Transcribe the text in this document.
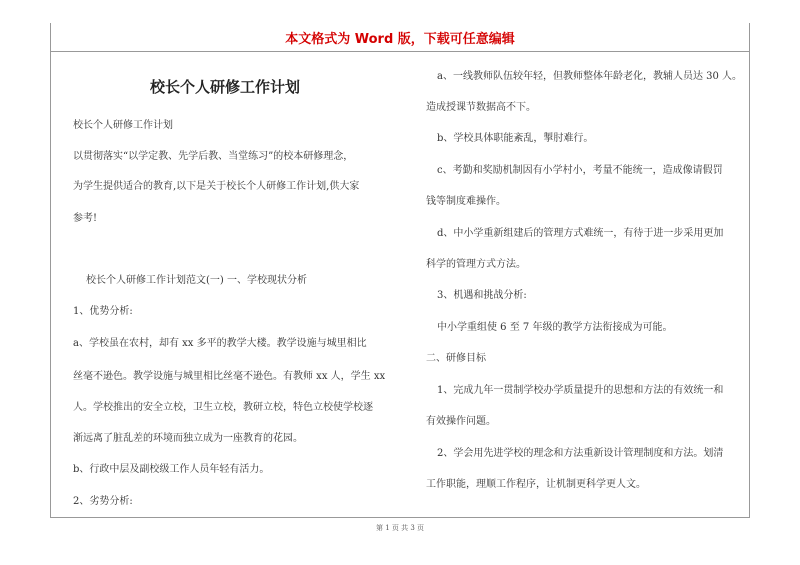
本文格式为 Word 版，下载可任意编辑
校长个人研修工作计划
校长个人研修工作计划
以贯彻落实“以学定教、先学后教、当堂练习”的校本研修理念，
为学生提供适合的教育,以下是关于校长个人研修工作计划,供大家
参考!
校长个人研修工作计划范文(一) 一、学校现状分析
1、优势分析:
a、学校虽在农村，却有 xx 多平的教学大楼。教学设施与城里相比
丝毫不逊色。教学设施与城里相比丝毫不逊色。有教师 xx 人，学生 xx
人。学校推出的安全立校，卫生立校，教研立校，特色立校使学校逐
渐远离了脏乱差的环境而独立成为一座教育的花园。
b、行政中层及副校级工作人员年轻有活力。
2、劣势分析:
a、一线教师队伍较年轻，但教师整体年龄老化，教辅人员达 30 人。
造成授课节数据高不下。
b、学校具体职能紊乱，掣肘难行。
c、考勤和奖励机制因有小学村小，考量不能统一，造成像请假罚
钱等制度难操作。
d、中小学重新组建后的管理方式难统一，有待于进一步采用更加
科学的管理方式方法。
3、机遇和挑战分析:
中小学重组使 6 至 7 年级的教学方法衔接成为可能。
二、研修目标
1、完成九年一贯制学校办学质量提升的思想和方法的有效统一和
有效操作问题。
2、学会用先进学校的理念和方法重新设计管理制度和方法。划清
工作职能，理顺工作程序，让机制更科学更人文。
第 1 页 共 3 页
